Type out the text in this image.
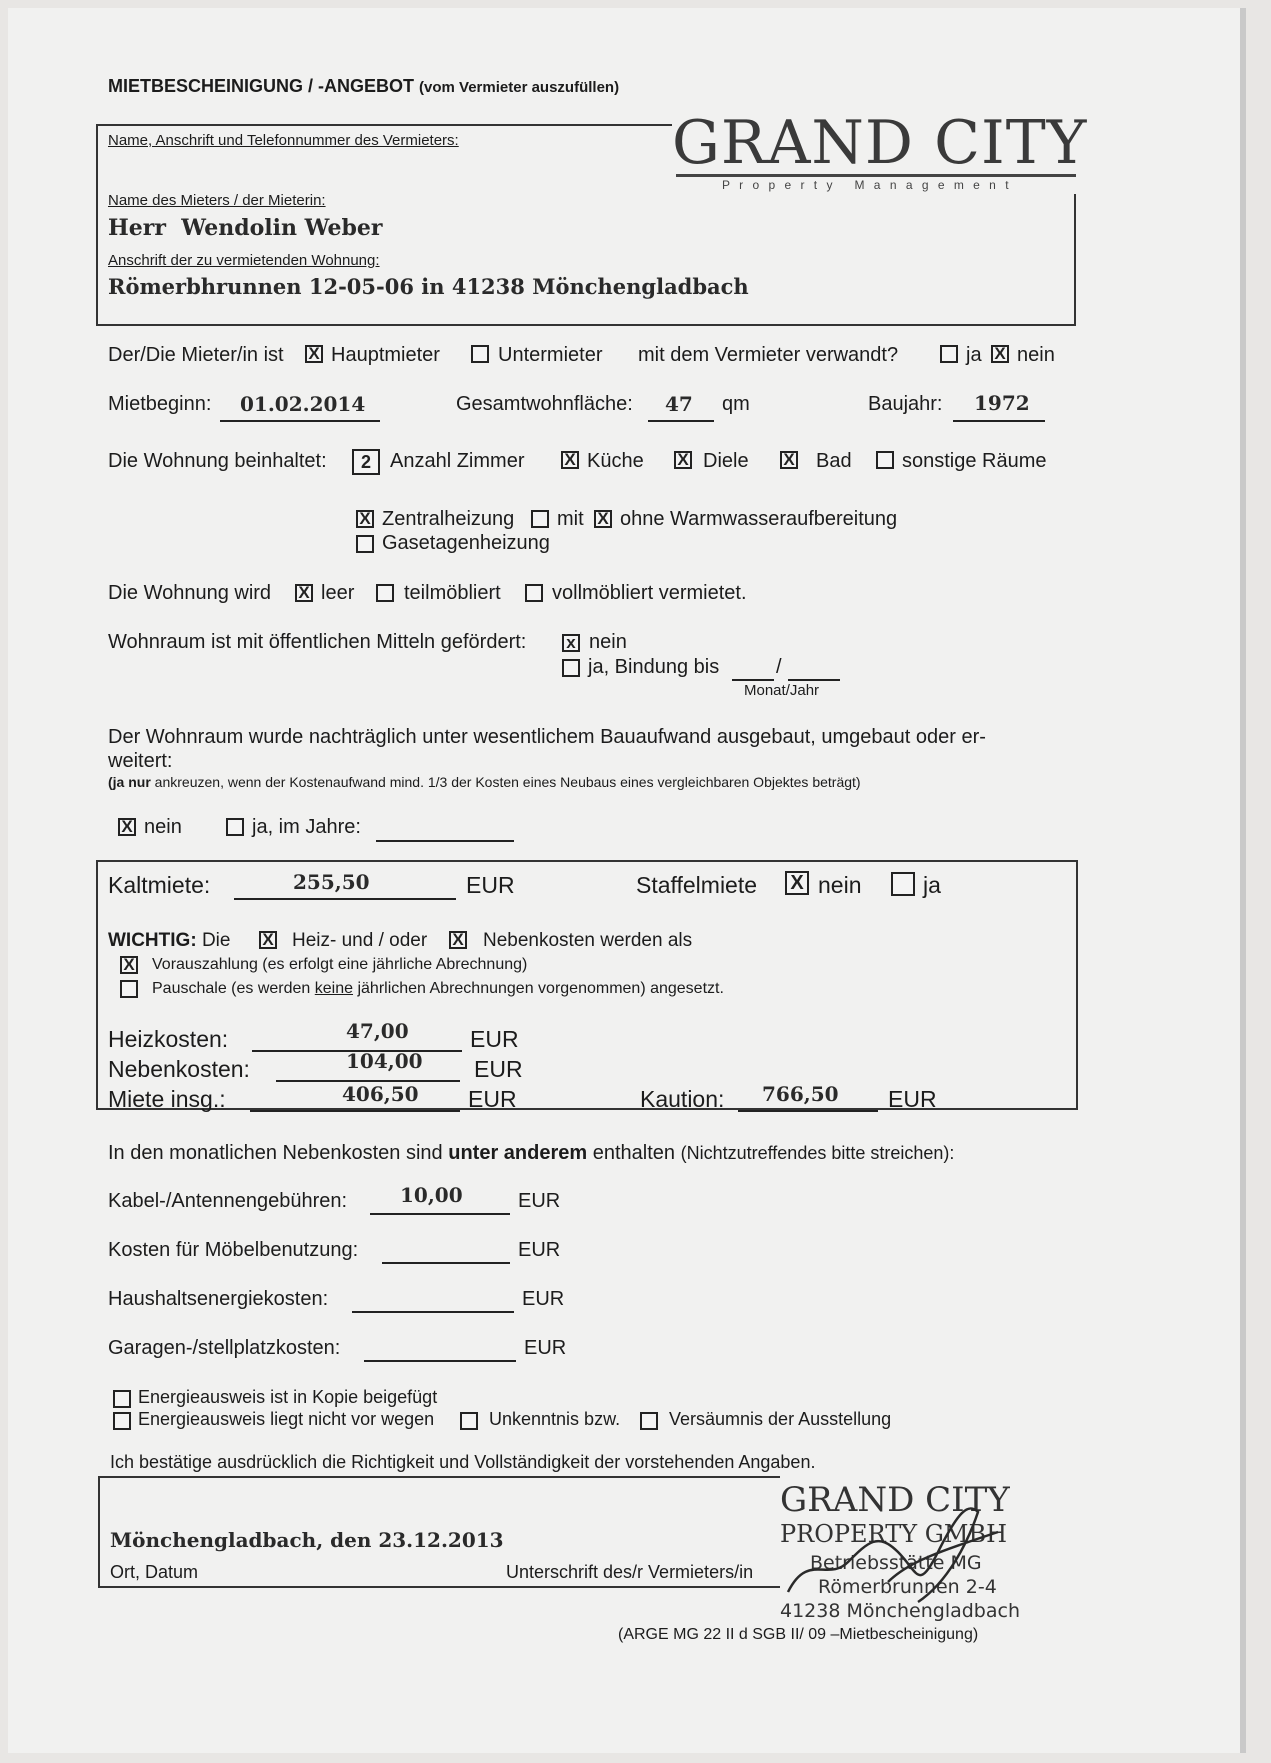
MIETBESCHEINIGUNG / -ANGEBOT (vom Vermieter auszufüllen)
Name, Anschrift und Telefonnummer des Vermieters:	GRAND CITY
P r o p e r t y   M a n a g e m e n t
Name des Mieters / der Mieterin:
Herr  Wendolin Weber
Anschrift der zu vermietenden Wohnung:
Römerbhrunnen 12-05-06 in 41238 Mönchengladbach
Der/Die Mieter/in ist X Hauptmieter	Untermieter mit dem Vermieter verwandt?	ja X nein
Mietbeginn: 01.02.2014	Gesamtwohnfläche: 47 qm	Baujahr: 1972
Die Wohnung beinhaltet:	2 Anzahl Zimmer X Küche X Diele X Bad	sonstige Räume
X Zentralheizung mit X ohne Warmwasseraufbereitung
Gasetagenheizung
Die Wohnung wird X leer teilmöbliert	vollmöbliert vermietet.
Wohnraum ist mit öffentlichen Mitteln gefördert: x nein
ja, Bindung bis	/
Monat/Jahr
Der Wohnraum wurde nachträglich unter wesentlichem Bauaufwand ausgebaut, umgebaut oder er-
weitert:
(ja nur ankreuzen, wenn der Kostenaufwand mind. 1/3 der Kosten eines Neubaus eines vergleichbaren Objektes beträgt)
X nein	ja, im Jahre:
Kaltmiete:	255,50	EUR	Staffelmiete X nein	ja
WICHTIG: Die X Heiz- und / oder X Nebenkosten werden als
X Vorauszahlung (es erfolgt eine jährliche Abrechnung)
Pauschale (es werden keine jährlichen Abrechnungen vorgenommen) angesetzt.
Heizkosten:	47,00	EUR
Nebenkosten:	104,00 EUR
Miete insg.:	406,50 EUR	Kaution: 766,50 EUR
In den monatlichen Nebenkosten sind unter anderem enthalten (Nichtzutreffendes bitte streichen):
Kabel-/Antennengebühren:	10,00	EUR
Kosten für Möbelbenutzung:	EUR
Haushaltsenergiekosten:	EUR
Garagen-/stellplatzkosten:	EUR
Energieausweis ist in Kopie beigefügt
Energieausweis liegt nicht vor wegen	Unkenntnis bzw.	Versäumnis der Ausstellung
Ich bestätige ausdrücklich die Richtigkeit und Vollständigkeit der vorstehenden Angaben.
Mönchengladbach, den 23.12.2013
Ort, Datum	Unterschrift des/r Vermieters/in
GRAND CITY
PROPERTY GMBH
Betriebsstätte MG
Römerbrunnen 2-4
41238 Mönchengladbach
(ARGE MG 22 II d SGB II/ 09 –Mietbescheinigung)
